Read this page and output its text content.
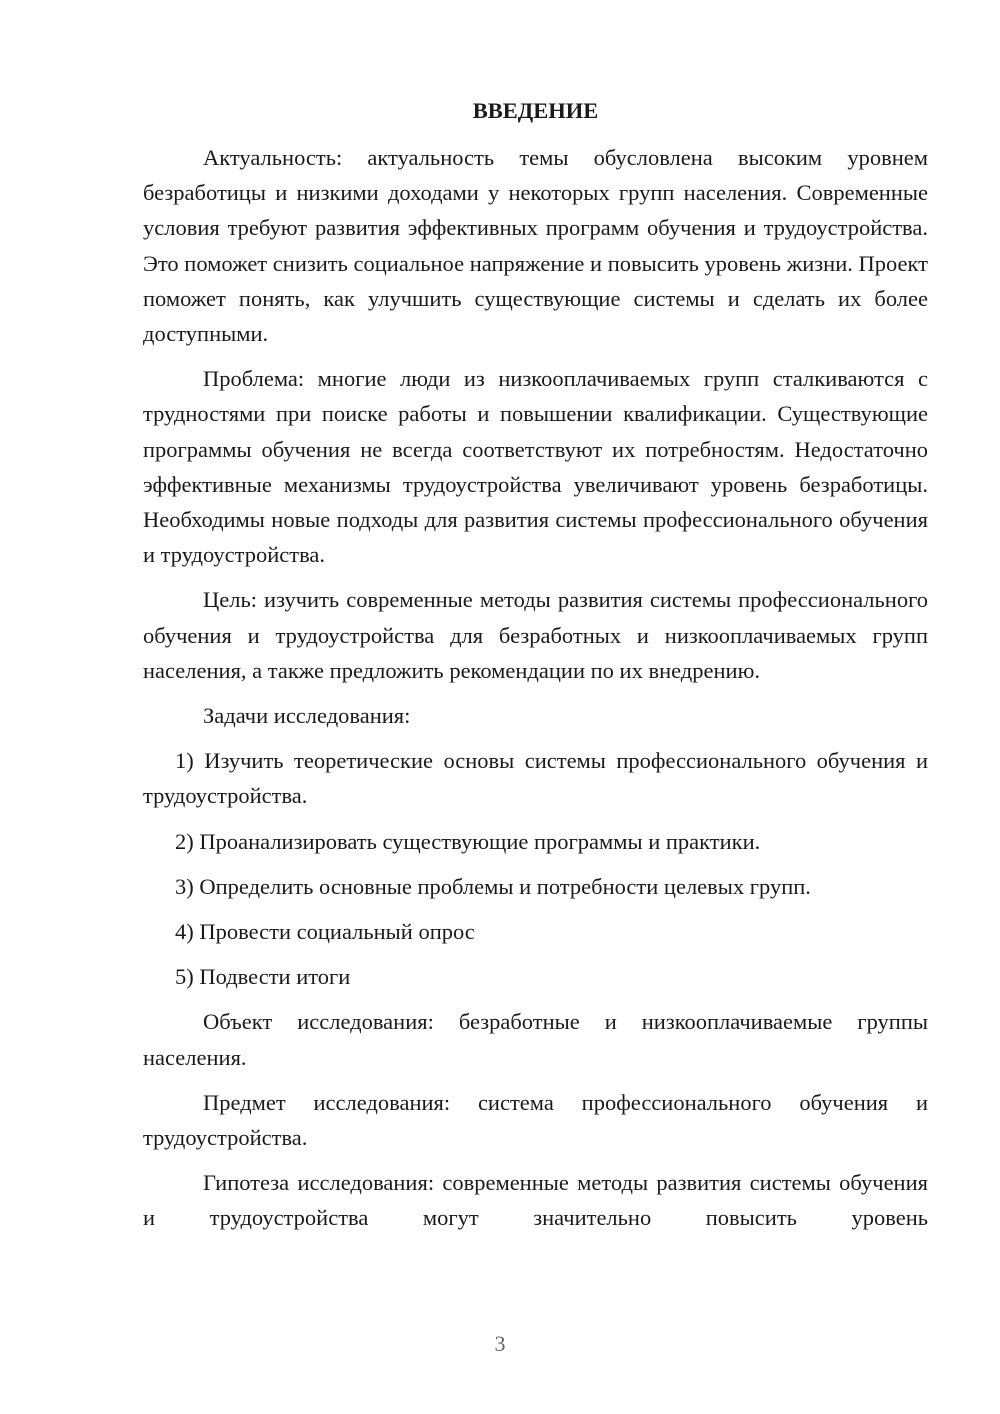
ВВЕДЕНИЕ
Актуальность: актуальность темы обусловлена высоким уровнем безработицы и низкими доходами у некоторых групп населения. Современные условия требуют развития эффективных программ обучения и трудоустройства. Это поможет снизить социальное напряжение и повысить уровень жизни. Проект поможет понять, как улучшить существующие системы и сделать их более доступными.
Проблема: многие люди из низкооплачиваемых групп сталкиваются с трудностями при поиске работы и повышении квалификации. Существующие программы обучения не всегда соответствуют их потребностям. Недостаточно эффективные механизмы трудоустройства увеличивают уровень безработицы. Необходимы новые подходы для развития системы профессионального обучения и трудоустройства.
Цель: изучить современные методы развития системы профессионального обучения и трудоустройства для безработных и низкооплачиваемых групп населения, а также предложить рекомендации по их внедрению.
Задачи исследования:
1) Изучить теоретические основы системы профессионального обучения и трудоустройства.
2) Проанализировать существующие программы и практики.
3) Определить основные проблемы и потребности целевых групп.
4) Провести социальный опрос
5) Подвести итоги
Объект исследования: безработные и низкооплачиваемые группы населения.
Предмет исследования: система профессионального обучения и трудоустройства.
Гипотеза исследования: современные методы развития системы обучения и трудоустройства могут значительно повысить уровень
3
